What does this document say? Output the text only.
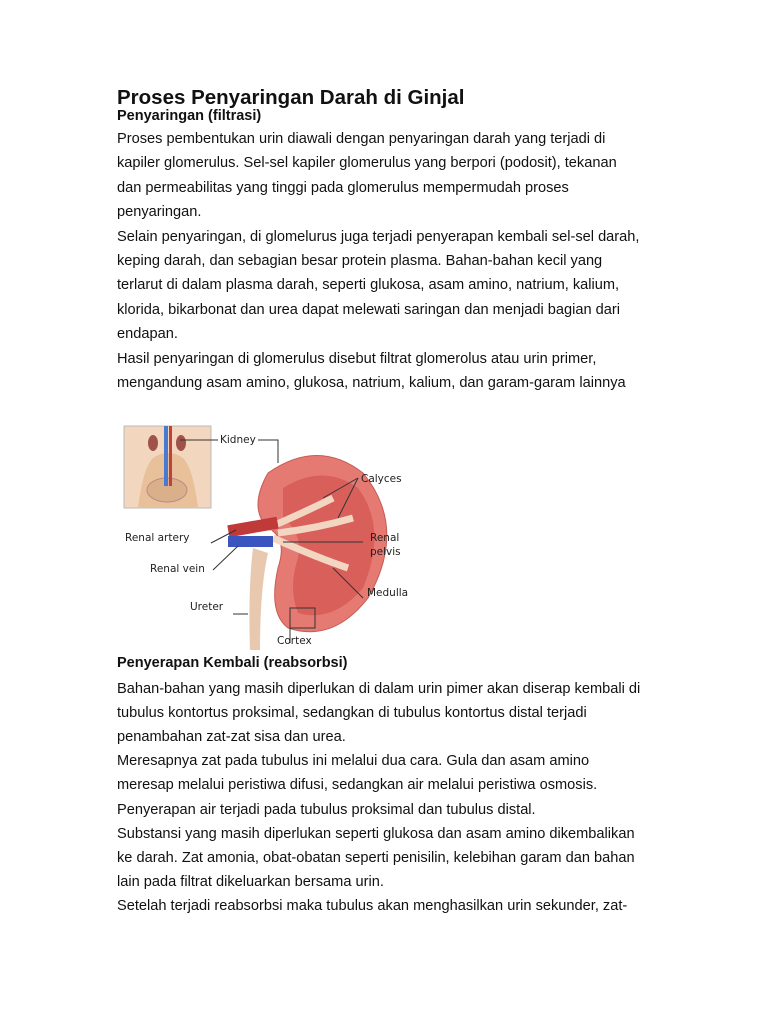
Proses Penyaringan Darah di Ginjal
Penyaringan (filtrasi)
Proses pembentukan urin diawali dengan penyaringan darah yang terjadi di
kapiler glomerulus. Sel-sel kapiler glomerulus yang berpori (podosit), tekanan
dan permeabilitas yang tinggi pada glomerulus mempermudah proses
penyaringan.
Selain penyaringan, di glomelurus juga terjadi penyerapan kembali sel-sel darah,
keping darah, dan sebagian besar protein plasma. Bahan-bahan kecil yang
terlarut di dalam plasma darah, seperti glukosa, asam amino, natrium, kalium,
klorida, bikarbonat dan urea dapat melewati saringan dan menjadi bagian dari
endapan.
Hasil penyaringan di glomerulus disebut filtrat glomerolus atau urin primer,
mengandung asam amino, glukosa, natrium, kalium, dan garam-garam lainnya
Kidney
Calyces
Renal artery	Renal
pelvis
Renal vein
Medulla
Ureter
Cortex
Penyerapan Kembali (reabsorbsi)
Bahan-bahan yang masih diperlukan di dalam urin pimer akan diserap kembali di
tubulus kontortus proksimal, sedangkan di tubulus kontortus distal terjadi
penambahan zat-zat sisa dan urea.
Meresapnya zat pada tubulus ini melalui dua cara. Gula dan asam amino
meresap melalui peristiwa difusi, sedangkan air melalui peristiwa osmosis.
Penyerapan air terjadi pada tubulus proksimal dan tubulus distal.
Substansi yang masih diperlukan seperti glukosa dan asam amino dikembalikan
ke darah. Zat amonia, obat-obatan seperti penisilin, kelebihan garam dan bahan
lain pada filtrat dikeluarkan bersama urin.
Setelah terjadi reabsorbsi maka tubulus akan menghasilkan urin sekunder, zat-
